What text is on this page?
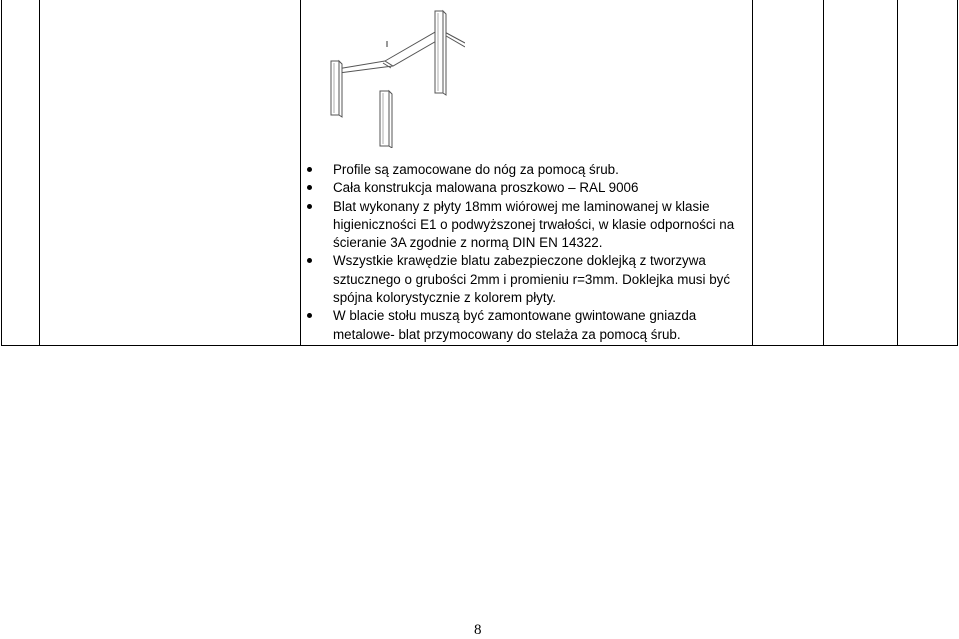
Profile są zamocowane do nóg za pomocą śrub.
Cała konstrukcja malowana proszkowo – RAL 9006
Blat wykonany z płyty 18mm wiórowej me laminowanej w klasie higieniczności E1 o podwyższonej trwałości, w klasie odporności na ścieranie 3A zgodnie z normą DIN EN 14322.
Wszystkie krawędzie blatu zabezpieczone doklejką z tworzywa sztucznego o grubości 2mm i promieniu r=3mm. Doklejka musi być spójna kolorystycznie z kolorem płyty.
W blacie stołu muszą być zamontowane gwintowane gniazda metalowe- blat przymocowany do stelaża za pomocą śrub.
8
